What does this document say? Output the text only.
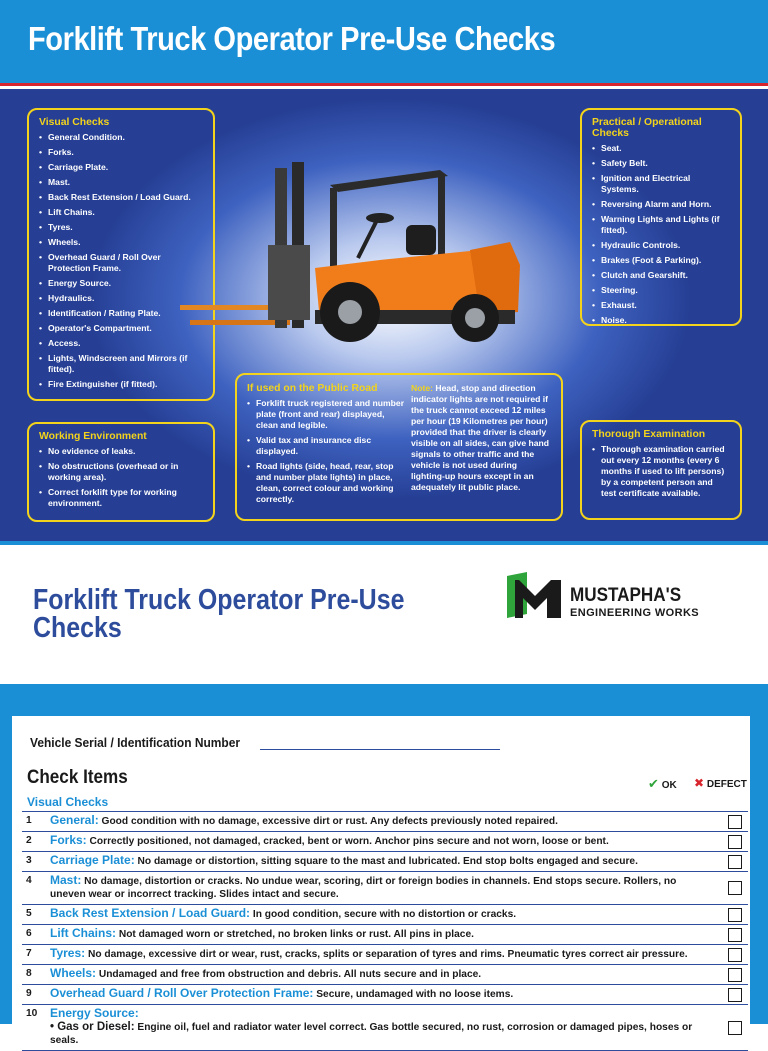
Forklift Truck Operator Pre-Use Checks
Visual Checks
• General Condition.
• Forks.
• Carriage Plate.
• Mast.
• Back Rest Extension / Load Guard.
• Lift Chains.
• Tyres.
• Wheels.
• Overhead Guard / Roll Over Protection Frame.
• Energy Source.
• Hydraulics.
• Identification / Rating Plate.
• Operator's Compartment.
• Access.
• Lights, Windscreen and Mirrors (if fitted).
• Fire Extinguisher (if fitted).
Practical / Operational Checks
• Seat.
• Safety Belt.
• Ignition and Electrical Systems.
• Reversing Alarm and Horn.
• Warning Lights and Lights (if fitted).
• Hydraulic Controls.
• Brakes (Foot & Parking).
• Clutch and Gearshift.
• Steering.
• Exhaust.
• Noise.
Working Environment
• No evidence of leaks.
• No obstructions (overhead or in working area).
• Correct forklift type for working environment.
If used on the Public Road
• Forklift truck registered and number plate (front and rear) displayed, clean and legible.
• Valid tax and insurance disc displayed.
• Road lights (side, head, rear, stop and number plate lights) in place, clean, correct colour and working correctly.
Note: Head, stop and direction indicator lights are not required if the truck cannot exceed 12 miles per hour (19 Kilometres per hour) provided that the driver is clearly visible on all sides, can give hand signals to other traffic and the vehicle is not used during lighting-up hours except in an adequately lit public place.
Thorough Examination
• Thorough examination carried out every 12 months (every 6 months if used to lift persons) by a competent person and test certificate available.
Forklift Truck Operator Pre-Use Checks
MUSTAPHA'S
ENGINEERING WORKS
Vehicle Serial / Identification Number
Check Items	✔ OK ✖ DEFECT
Visual Checks
1 General: Good condition with no damage, excessive dirt or rust. Any defects previously noted repaired.
2 Forks: Correctly positioned, not damaged, cracked, bent or worn. Anchor pins secure and not worn, loose or bent.
3 Carriage Plate: No damage or distortion, sitting square to the mast and lubricated. End stop bolts engaged and secure.
4 Mast: No damage, distortion or cracks. No undue wear, scoring, dirt or foreign bodies in channels. End stops secure. Rollers, no uneven wear or incorrect tracking. Slides intact and secure.
5 Back Rest Extension / Load Guard: In good condition, secure with no distortion or cracks.
6 Lift Chains: Not damaged worn or stretched, no broken links or rust. All pins in place.
7 Tyres: No damage, excessive dirt or wear, rust, cracks, splits or separation of tyres and rims. Pneumatic tyres correct air pressure.
8 Wheels: Undamaged and free from obstruction and debris. All nuts secure and in place.
9 Overhead Guard / Roll Over Protection Frame: Secure, undamaged with no loose items.
10 Energy Source:
• Gas or Diesel: Engine oil, fuel and radiator water level correct. Gas bottle secured, no rust, corrosion or damaged pipes, hoses or seals.
